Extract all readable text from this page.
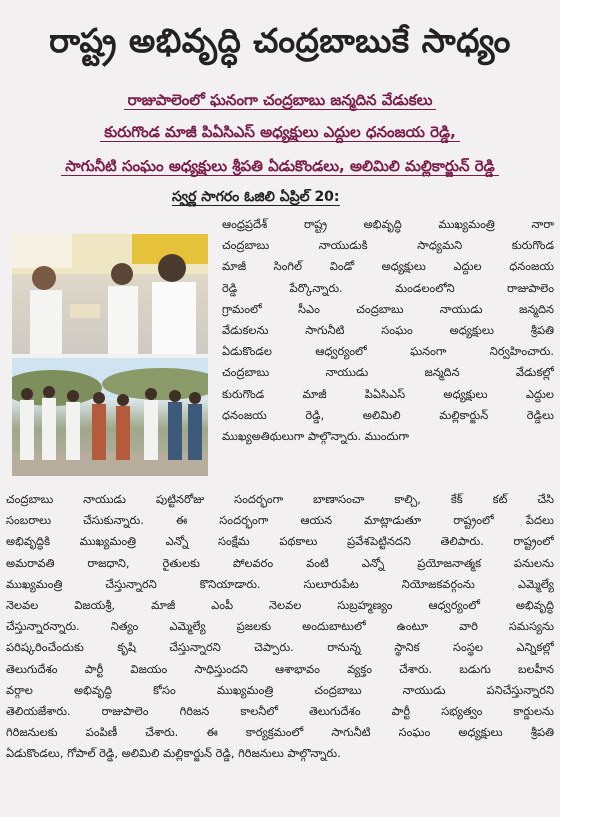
రాష్ట్ర అభివృద్ధి చంద్రబాబుకే సాధ్యం
రాజుపాలెంలో ఘనంగా చంద్రబాబు జన్మదిన వేడుకలు
కురుగొండ మాజీ పిఏసిఎస్ అధ్యక్షులు ఎద్దుల ధనంజయ రెడ్డి,
సాగునీటి సంఘం అధ్యక్షులు శ్రీపతి ఏడుకొండలు, అలిమిలి మల్లికార్జున్ రెడ్డి
స్వర్ణ సాగరం ఓజిలి ఏప్రిల్ 20:
ఆంధ్రప్రదేశ్ రాష్ట్ర అభివృద్ధి ముఖ్యమంత్రి నారా
చంద్రబాబు నాయుడుకి సాధ్యమని కురుగొండ
మాజీ సింగిల్ విండో అధ్యక్షులు ఎద్దుల ధనంజయ
రెడ్డి పేర్కొన్నారు. మండలంలోని రాజుపాలెం
గ్రామంలో సీఎం చంద్రబాబు నాయుడు జన్మదిన
వేడుకలను సాగునీటి సంఘం అధ్యక్షులు శ్రీపతి
ఏడుకొండల ఆధ్వర్యంలో ఘనంగా నిర్వహించారు.
చంద్రబాబు నాయుడు జన్మదిన వేడుకల్లో
కురుగొండ మాజీ పిఏసిఎస్ అధ్యక్షులు ఎద్దుల
ధనంజయ రెడ్డి, అలిమిలి మల్లికార్జున్ రెడ్డిలు
ముఖ్యఅతిథులుగా పాల్గొన్నారు. ముందుగా
చంద్రబాబు నాయుడు పుట్టినరోజు సందర్భంగా బాణాసంచా కాల్చి, కేక్ కట్ చేసి
సంబరాలు చేసుకున్నారు. ఈ సందర్భంగా ఆయన మాట్లాడుతూ రాష్ట్రంలో పేదలు
అభివృద్ధికి ముఖ్యమంత్రి ఎన్నో సంక్షేమ పథకాలు ప్రవేశపెట్టినదని తెలిపారు. రాష్ట్రంలో
అమరావతి రాజధాని, రైతులకు పోలవరం వంటి ఎన్నో ప్రయోజనాత్మక పనులను
ముఖ్యమంత్రి చేస్తున్నారని కొనియాడారు. సులూరుపేట నియోజకవర్గంను ఎమ్మెల్యే
నెలవల విజయశ్రీ, మాజీ ఎంపీ నెలవల సుబ్రహ్మణ్యం ఆధ్వర్యంలో అభివృద్ధి
చేస్తున్నారన్నారు. నిత్యం ఎమ్మెల్యే ప్రజలకు అందుబాటులో ఉంటూ వారి సమస్యను
పరిష్కరించేందుకు కృషి చేస్తున్నారని చెప్పారు. రానున్న స్థానిక సంస్థల ఎన్నికల్లో
తెలుగుదేశం పార్టీ విజయం సాధిస్తుందని ఆశాభావం వ్యక్తం చేశారు. బడుగు బలహీన
వర్గాల అభివృద్ధి కోసం ముఖ్యమంత్రి చంద్రబాబు నాయుడు పనిచేస్తున్నారని
తెలియజేశారు. రాజుపాలెం గిరిజన కాలనీలో తెలుగుదేశం పార్టీ సభ్యత్వం కార్డులను
గిరిజనులకు పంపిణీ చేశారు. ఈ కార్యక్రమంలో సాగునీటి సంఘం అధ్యక్షులు శ్రీపతి
ఏడుకొండలు, గోపాల్ రెడ్డి, అలిమిలి మల్లికార్జున్ రెడ్డి, గిరిజనులు పాల్గొన్నారు.
